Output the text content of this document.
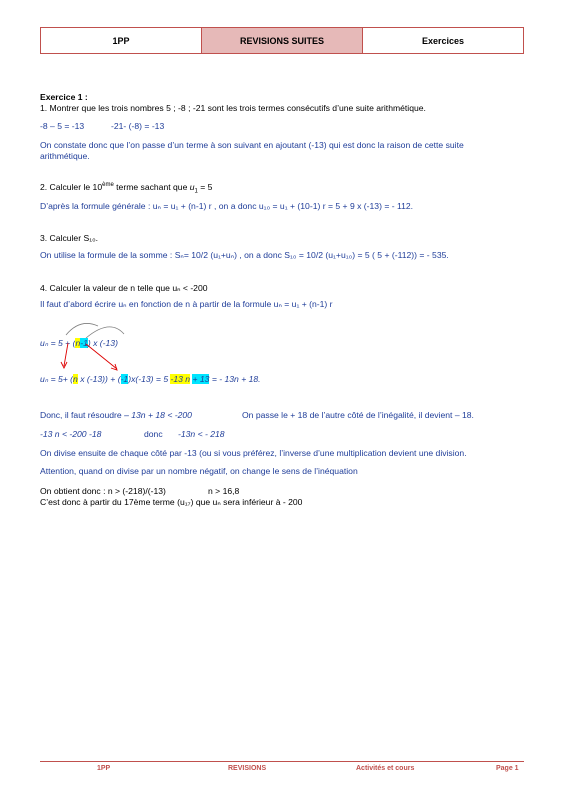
1PP	REVISIONS SUITES	Exercices
Exercice 1 :
1. Montrer que les trois nombres 5 ; -8 ; -21 sont les trois termes consécutifs d’une suite arithmétique.
-8 – 5 = -13	-21- (-8) = -13
On constate donc que l’on passe d’un terme à son suivant en ajoutant (-13) qui est donc la raison de cette suite
arithmétique.
2. Calculer le 10ème terme sachant que $u_1 = 5$
D’après la formule générale : uₙ = u₁ + (n-1) r , on a donc u₁₀ = u₁ + (10-1) r = 5 + 9 x (-13) = - 112.
3. Calculer S₁₀.
On utilise la formule de la somme : Sₙ= 10/2 (u₁+uₙ) , on a donc S₁₀ = 10/2 (u₁+u₁₀) = 5 ( 5 + (-112)) = - 535.
4. Calculer la valeur de n telle que uₙ < -200
Il faut d’abord écrire uₙ en fonction de n à partir de la formule uₙ = u₁ + (n-1) r
uₙ = 5 + (n-1) x (-13)
uₙ = 5+ (n x (-13)) + (-1)x(-13) = 5 -13 n + 13 = - 13n + 18.
Donc, il faut résoudre – 13n + 18 < -200	On passe le + 18 de l’autre côté de l’inégalité, il devient – 18.
-13 n < -200 -18	donc -13n < - 218
On divise ensuite de chaque côté par -13 (ou si vous préférez, l’inverse d’une multiplication devient une division.
Attention, quand on divise par un nombre négatif, on change le sens de l’inéquation
On obtient donc : n > (-218)/(-13)	n > 16,8
C’est donc à partir du 17ème terme (u₁₇) que uₙ sera inférieur à - 200
1PP	REVISIONS	Activités et cours	Page 1
